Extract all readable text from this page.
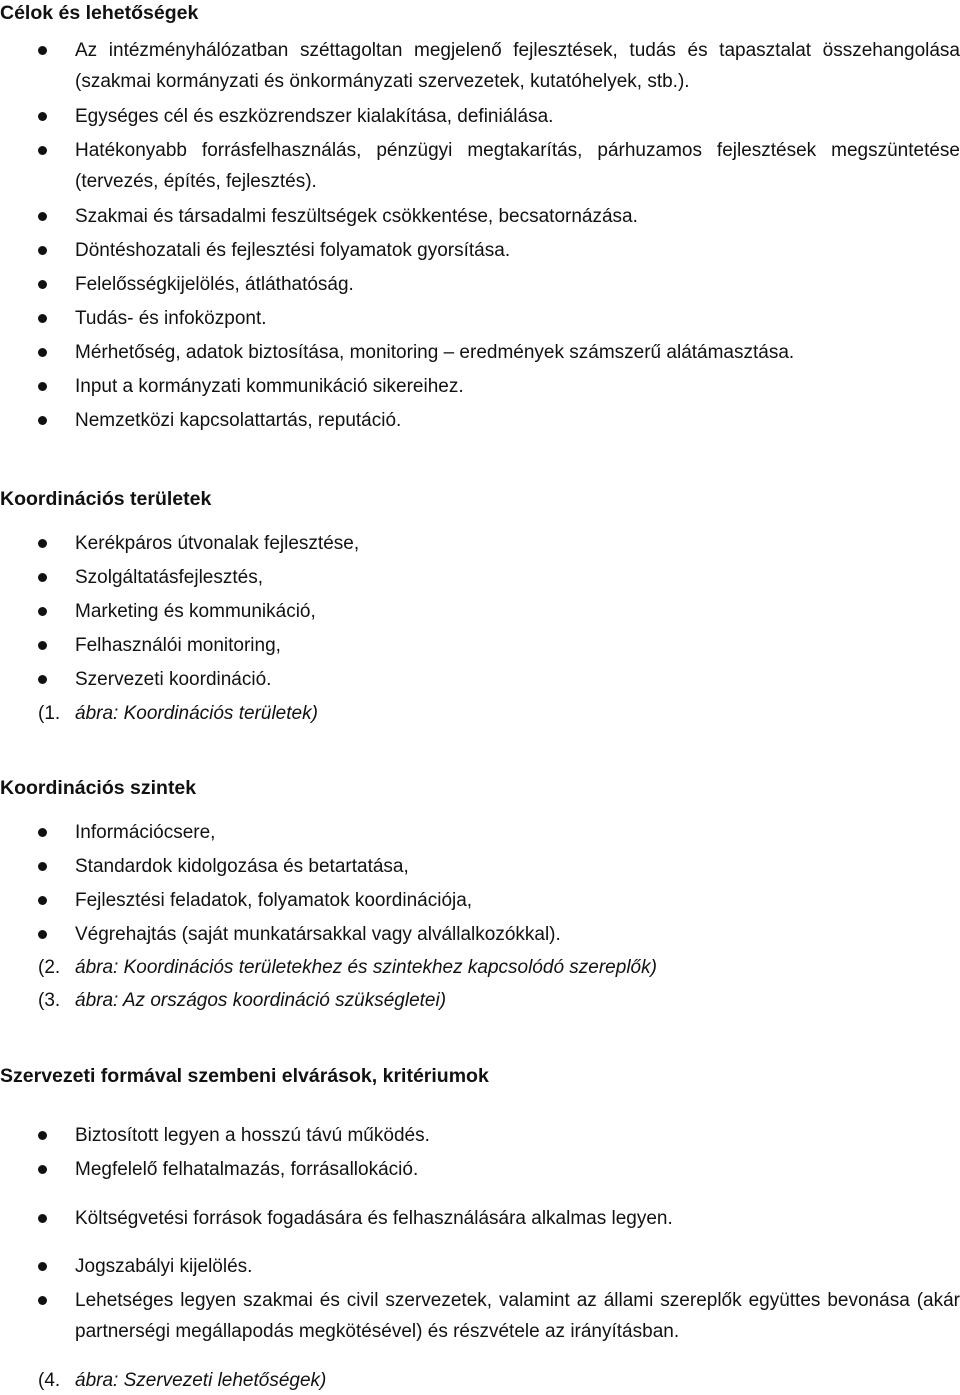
Célok és lehetőségek
Az intézményhálózatban széttagoltan megjelenő fejlesztések, tudás és tapasztalat összehangolása (szakmai kormányzati és önkormányzati szervezetek, kutatóhelyek, stb.).
Egységes cél és eszközrendszer kialakítása, definiálása.
Hatékonyabb forrásfelhasználás, pénzügyi megtakarítás, párhuzamos fejlesztések megszüntetése (tervezés, építés, fejlesztés).
Szakmai és társadalmi feszültségek csökkentése, becsatornázása.
Döntéshozatali és fejlesztési folyamatok gyorsítása.
Felelősségkijelölés, átláthatóság.
Tudás- és infoközpont.
Mérhetőség, adatok biztosítása, monitoring – eredmények számszerű alátámasztása.
Input a kormányzati kommunikáció sikereihez.
Nemzetközi kapcsolattartás, reputáció.
Koordinációs területek
Kerékpáros útvonalak fejlesztése,
Szolgáltatásfejlesztés,
Marketing és kommunikáció,
Felhasználói monitoring,
Szervezeti koordináció.
(1. ábra: Koordinációs területek)
Koordinációs szintek
Információcsere,
Standardok kidolgozása és betartatása,
Fejlesztési feladatok, folyamatok koordinációja,
Végrehajtás (saját munkatársakkal vagy alvállalkozókkal).
(2. ábra: Koordinációs területekhez és szintekhez kapcsolódó szereplők)
(3. ábra: Az országos koordináció szükségletei)
Szervezeti formával szembeni elvárások, kritériumok
Biztosított legyen a hosszú távú működés.
Megfelelő felhatalmazás, forrásallokáció.
Költségvetési források fogadására és felhasználására alkalmas legyen.
Jogszabályi kijelölés.
Lehetséges legyen szakmai és civil szervezetek, valamint az állami szereplők együttes bevonása (akár partnerségi megállapodás megkötésével) és részvétele az irányításban.
(4. ábra: Szervezeti lehetőségek)
